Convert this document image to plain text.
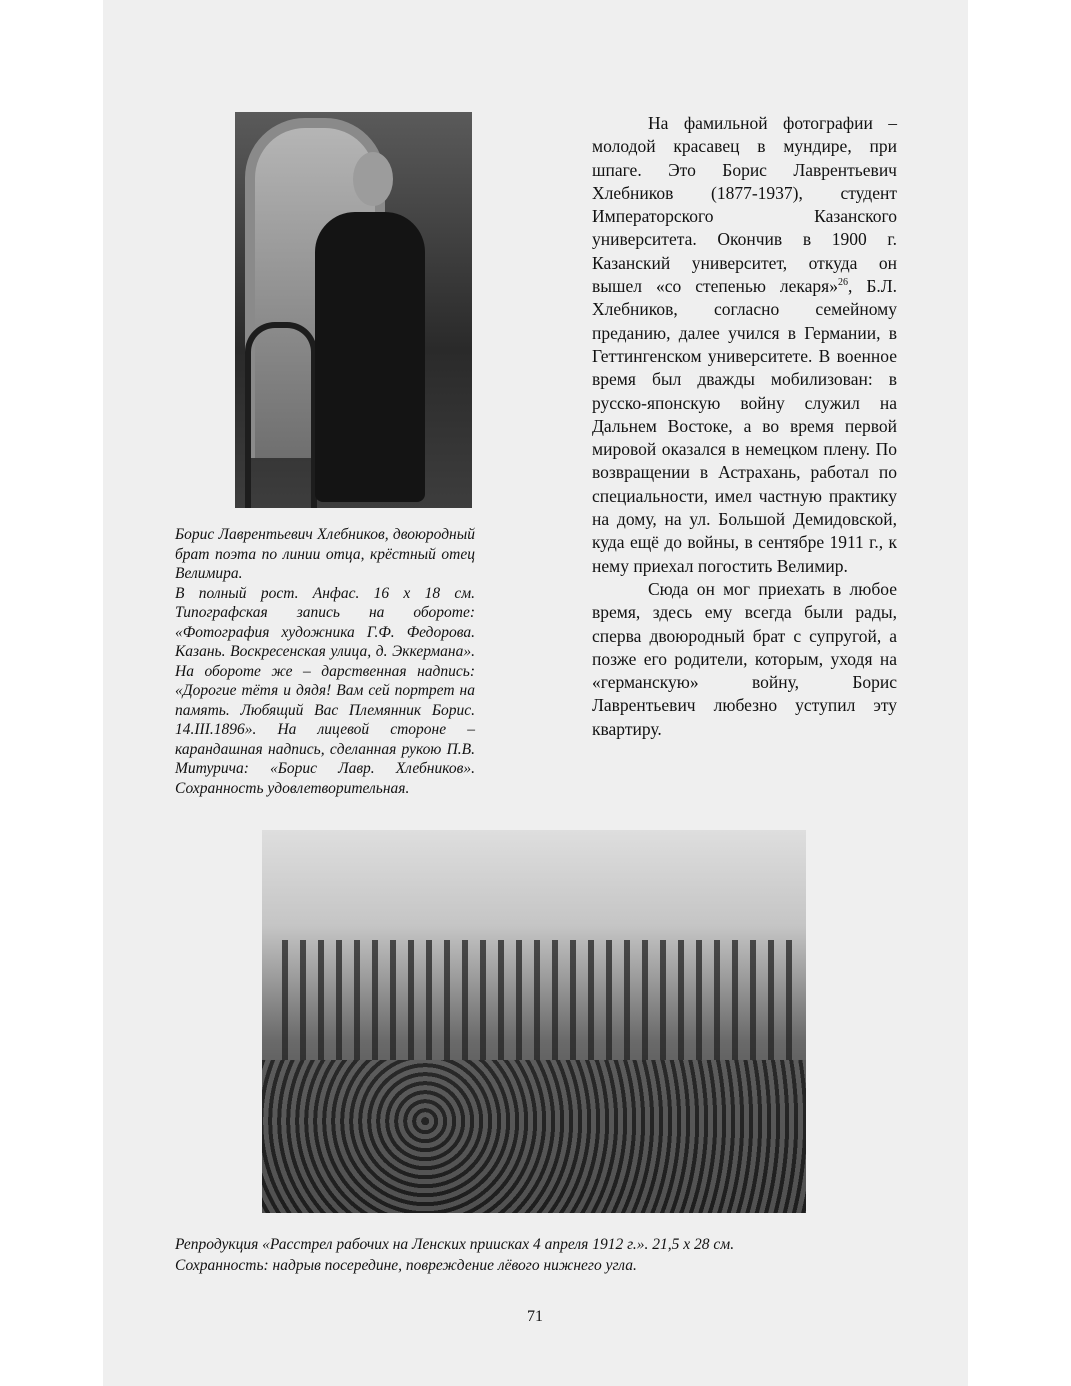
На фамильной фотографии – молодой красавец в мундире, при шпаге. Это Борис Лаврентьевич Хлебников (1877-1937), студент Императорского Казанского университета. Окончив в 1900 г. Казанский университет, откуда он вышел «со степенью лекаря»$^{26}$, Б.Л. Хлебников, согласно семейному преданию, далее учился в Германии, в Геттингенском университете. В военное время был дважды мобилизован: в русско-японскую войну служил на Дальнем Востоке, а во время первой мировой оказался в немецком плену. По возвращении в Астрахань, работал по специальности, имел частную практику на дому, на ул. Большой Демидовской, куда ещё до войны, в сентябре 1911 г., к нему приехал погостить Велимир.

Сюда он мог приехать в любое время, здесь ему всегда были рады, сперва двоюродный брат с супругой, а позже его родители, которым, уходя на «германскую» войну, Борис Лаврентьевич любезно уступил эту квартиру.

Борис Лаврентьевич Хлебников, двоюродный брат поэта по линии отца, крёстный отец Велимира.

В полный рост. Анфас. 16 х 18 см. Типографская запись на обороте: «Фотография художника Г.Ф. Федорова. Казань. Воскресенская улица, д. Эккермана». На обороте же – дарственная надпись: «Дорогие тётя и дядя! Вам сей портрет на память. Любящий Вас Племянник Борис. 14.III.1896». На лицевой стороне – карандашная надпись, сделанная рукою П.В. Митурича: «Борис Лавр. Хлебников». Сохранность удовлетворительная.

Репродукция «Расстрел рабочих на Ленских приисках 4 апреля 1912 г.». 21,5 х 28 см.

Сохранность: надрыв посередине, повреждение лёвого нижнего угла.

71
